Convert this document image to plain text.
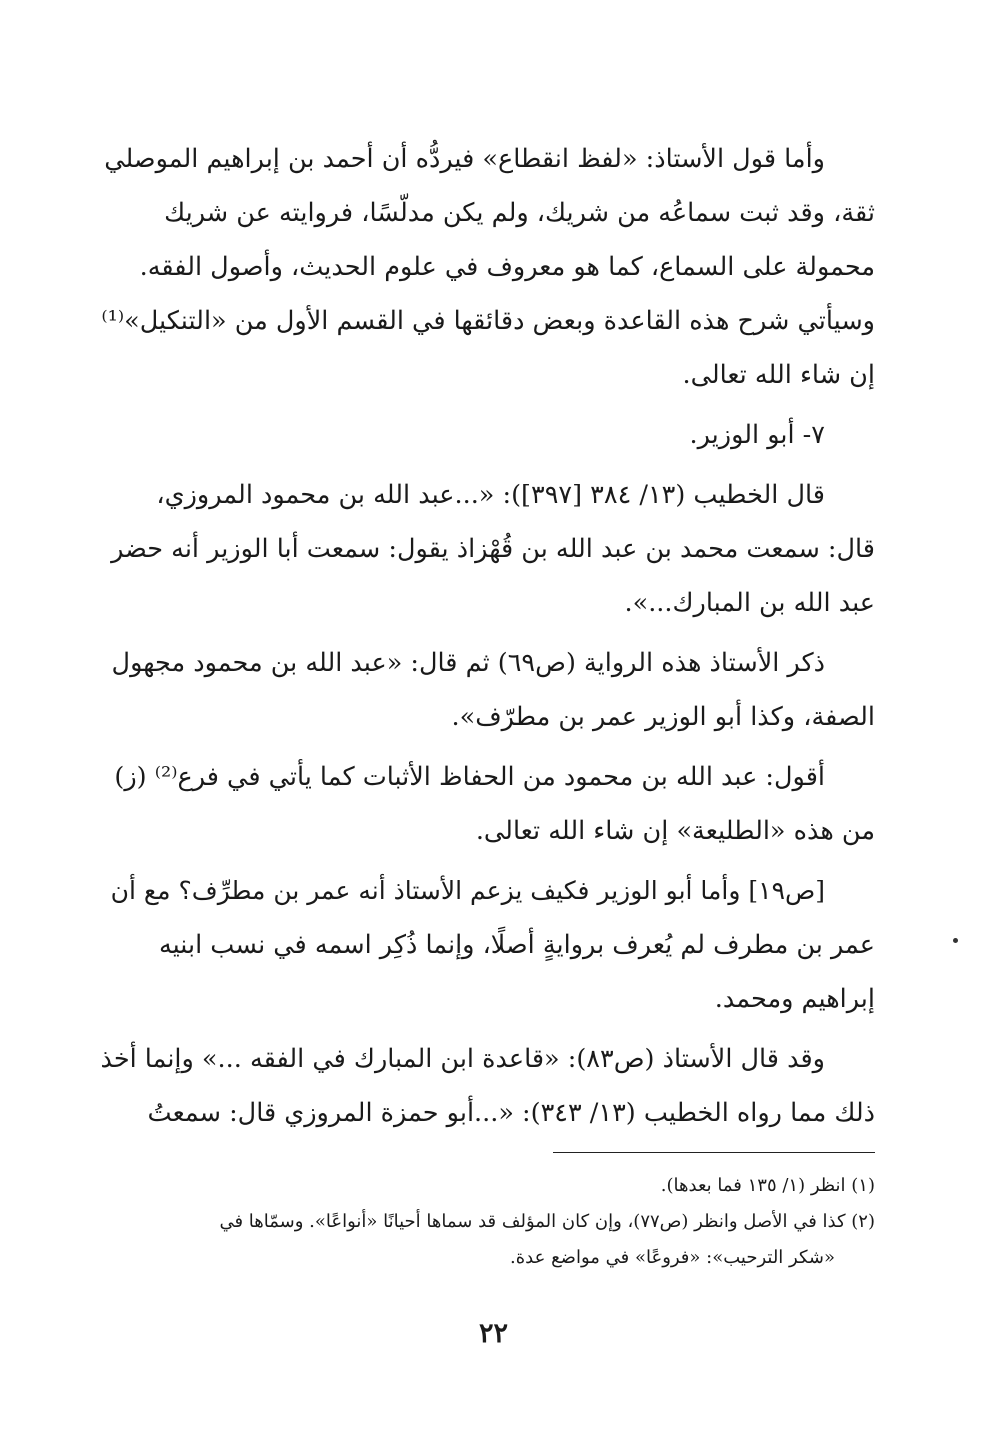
وأما قول الأستاذ: «لفظ انقطاع» فيردُّه أن أحمد بن إبراهيم الموصلي
ثقة، وقد ثبت سماعُه من شريك، ولم يكن مدلّسًا، فروايته عن شريك
محمولة على السماع، كما هو معروف في علوم الحديث، وأصول الفقه.
وسيأتي شرح هذه القاعدة وبعض دقائقها في القسم الأول من «التنكيل»⁽¹⁾
إن شاء الله تعالى.
٧- أبو الوزير.
قال الخطيب (١٣/ ٣٨٤ [٣٩٧]): «...عبد الله بن محمود المروزي،
قال: سمعت محمد بن عبد الله بن قُهْزاذ يقول: سمعت أبا الوزير أنه حضر
عبد الله بن المبارك...».
ذكر الأستاذ هذه الرواية (ص٦٩) ثم قال: «عبد الله بن محمود مجهول
الصفة، وكذا أبو الوزير عمر بن مطرّف».
أقول: عبد الله بن محمود من الحفاظ الأثبات كما يأتي في فرع⁽²⁾ (ز)
من هذه «الطليعة» إن شاء الله تعالى.
[ص١٩] وأما أبو الوزير فكيف يزعم الأستاذ أنه عمر بن مطرِّف؟ مع أن
عمر بن مطرف لم يُعرف بروايةٍ أصلًا، وإنما ذُكِر اسمه في نسب ابنيه
إبراهيم ومحمد.
وقد قال الأستاذ (ص٨٣): «قاعدة ابن المبارك في الفقه ...» وإنما أخذ
ذلك مما رواه الخطيب (١٣/ ٣٤٣): «...أبو حمزة المروزي قال: سمعتُ
(١) انظر (١/ ١٣٥ فما بعدها).
(٢) كذا في الأصل وانظر (ص٧٧)، وإن كان المؤلف قد سماها أحيانًا «أنواعًا». وسمّاها في
«شكر الترحيب»: «فروعًا» في مواضع عدة.
٢٢
